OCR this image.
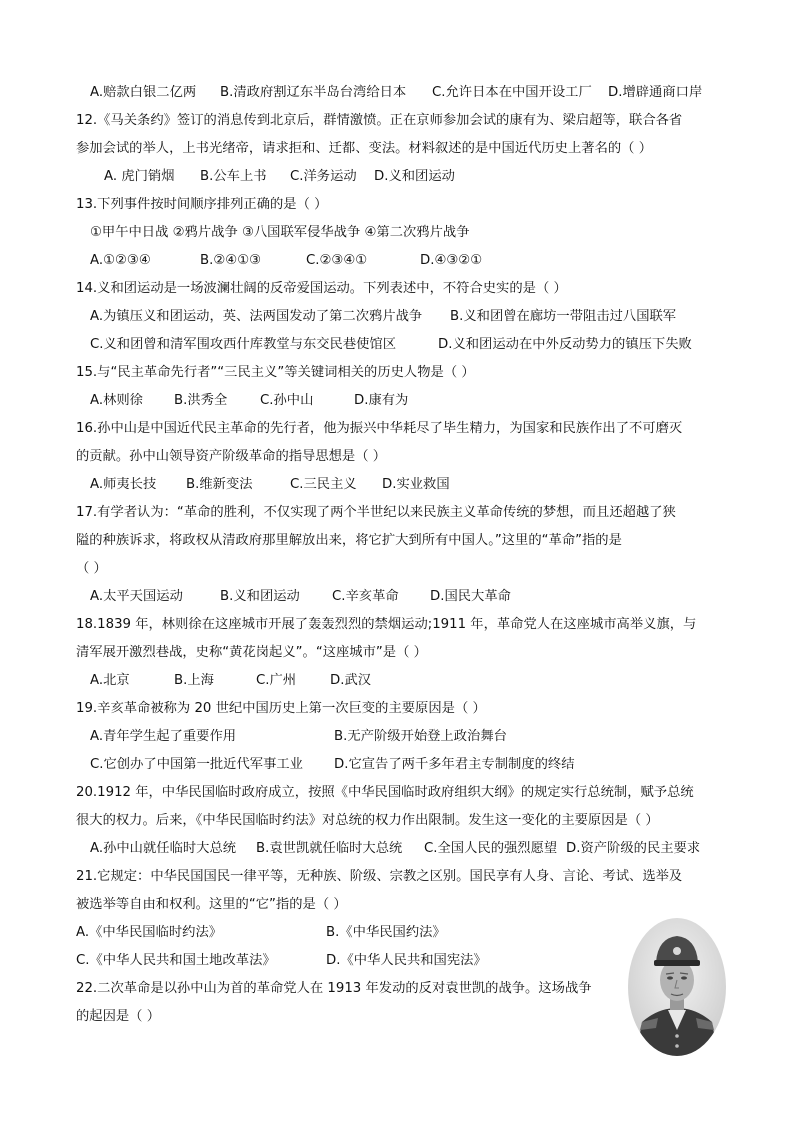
A.赔款白银二亿两 B.清政府割辽东半岛台湾给日本 C.允许日本在中国开设工厂 D.增辟通商口岸
12.《马关条约》签订的消息传到北京后，群情激愤。正在京师参加会试的康有为、梁启超等，联合各省
参加会试的举人，上书光绪帝，请求拒和、迁都、变法。材料叙述的是中国近代历史上著名的（ ）
A. 虎门销烟 B.公车上书 C.洋务运动 D.义和团运动
13.下列事件按时间顺序排列正确的是（ ）
①甲午中日战 ②鸦片战争 ③八国联军侵华战争 ④第二次鸦片战争
A.①②③④	B.②④①③	C.②③④①	D.④③②①
14.义和团运动是一场波澜壮阔的反帝爱国运动。下列表述中，不符合史实的是（ ）
A.为镇压义和团运动，英、法两国发动了第二次鸦片战争 B.义和团曾在廊坊一带阻击过八国联军
C.义和团曾和清军围攻西什库教堂与东交民巷使馆区	D.义和团运动在中外反动势力的镇压下失败
15.与“民主革命先行者”“三民主义”等关键词相关的历史人物是（ ）
A.林则徐 B.洪秀全 C.孙中山	D.康有为
16.孙中山是中国近代民主革命的先行者，他为振兴中华耗尽了毕生精力，为国家和民族作出了不可磨灭
的贡献。孙中山领导资产阶级革命的指导思想是（ ）
A.师夷长技 B.维新变法	C.三民主义 D.实业救国
17.有学者认为：“革命的胜利，不仅实现了两个半世纪以来民族主义革命传统的梦想，而且还超越了狭
隘的种族诉求，将政权从清政府那里解放出来，将它扩大到所有中国人。”这里的“革命”指的是
（ ）
A.太平天国运动	B.义和团运动 C.辛亥革命 D.国民大革命
18.1839 年，林则徐在这座城市开展了轰轰烈烈的禁烟运动;1911 年，革命党人在这座城市高举义旗，与
清军展开激烈巷战，史称“黄花岗起义”。“这座城市”是（ ）
A.北京	B.上海	C.广州	D.武汉
19.辛亥革命被称为 20 世纪中国历史上第一次巨变的主要原因是（ ）
A.青年学生起了重要作用	B.无产阶级开始登上政治舞台
C.它创办了中国第一批近代军事工业 D.它宣告了两千多年君主专制制度的终结
20.1912 年，中华民国临时政府成立，按照《中华民国临时政府组织大纲》的规定实行总统制，赋予总统
很大的权力。后来，《中华民国临时约法》对总统的权力作出限制。发生这一变化的主要原因是（ ）
A.孙中山就任临时大总统 B.袁世凯就任临时大总统 C.全国人民的强烈愿望 D.资产阶级的民主要求
21.它规定：中华民国国民一律平等，无种族、阶级、宗教之区别。国民享有人身、言论、考试、选举及
被选举等自由和权利。这里的“它”指的是（ ）
A.《中华民国临时约法》	B.《中华民国约法》
C.《中华人民共和国土地改革法》	D.《中华人民共和国宪法》
22.二次革命是以孙中山为首的革命党人在 1913 年发动的反对袁世凯的战争。这场战争
的起因是（ ）
